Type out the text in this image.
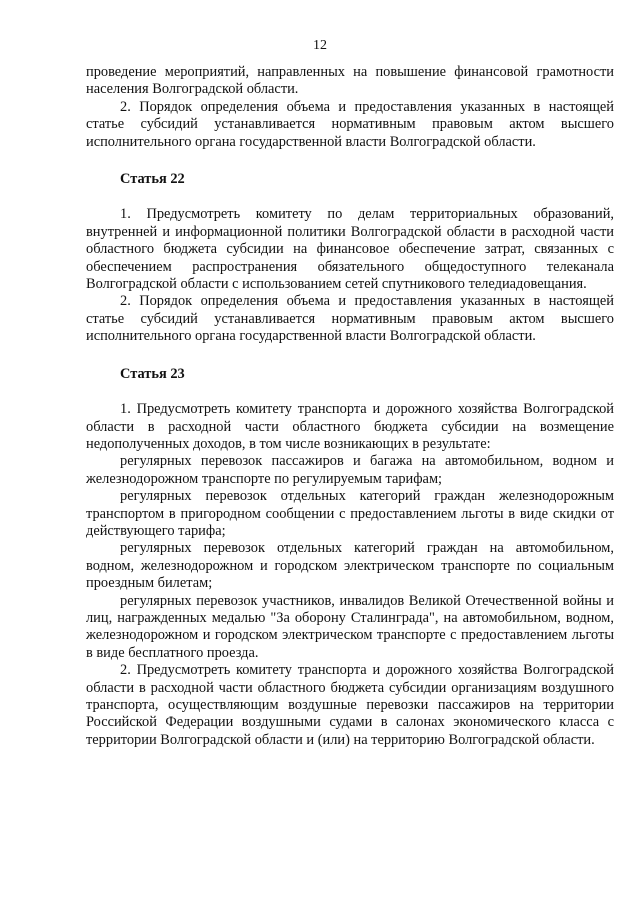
12

проведение мероприятий, направленных на повышение финансовой грамотности населения Волгоградской области.

2. Порядок определения объема и предоставления указанных в настоящей статье субсидий устанавливается нормативным правовым актом высшего исполнительного органа государственной власти Волгоградской области.

Статья 22

1. Предусмотреть комитету по делам территориальных образований, внутренней и информационной политики Волгоградской области в расходной части областного бюджета субсидии на финансовое обеспечение затрат, связанных с обеспечением распространения обязательного общедоступного телеканала Волгоградской области с использованием сетей спутникового теледиадовещания.

2. Порядок определения объема и предоставления указанных в настоящей статье субсидий устанавливается нормативным правовым актом высшего исполнительного органа государственной власти Волгоградской области.

Статья 23

1. Предусмотреть комитету транспорта и дорожного хозяйства Волгоградской области в расходной части областного бюджета субсидии на возмещение недополученных доходов, в том числе возникающих в результате:

регулярных перевозок пассажиров и багажа на автомобильном, водном и железнодорожном транспорте по регулируемым тарифам;

регулярных перевозок отдельных категорий граждан железнодорожным транспортом в пригородном сообщении с предоставлением льготы в виде скидки от действующего тарифа;

регулярных перевозок отдельных категорий граждан на автомобильном, водном, железнодорожном и городском электрическом транспорте по социальным проездным билетам;

регулярных перевозок участников, инвалидов Великой Отечественной войны и лиц, награжденных медалью "За оборону Сталинграда", на автомобильном, водном, железнодорожном и городском электрическом транспорте с предоставлением льготы в виде бесплатного проезда.

2. Предусмотреть комитету транспорта и дорожного хозяйства Волгоградской области в расходной части областного бюджета субсидии организациям воздушного транспорта, осуществляющим воздушные перевозки пассажиров на территории Российской Федерации воздушными судами в салонах экономического класса с территории Волгоградской области и (или) на территорию Волгоградской области.
